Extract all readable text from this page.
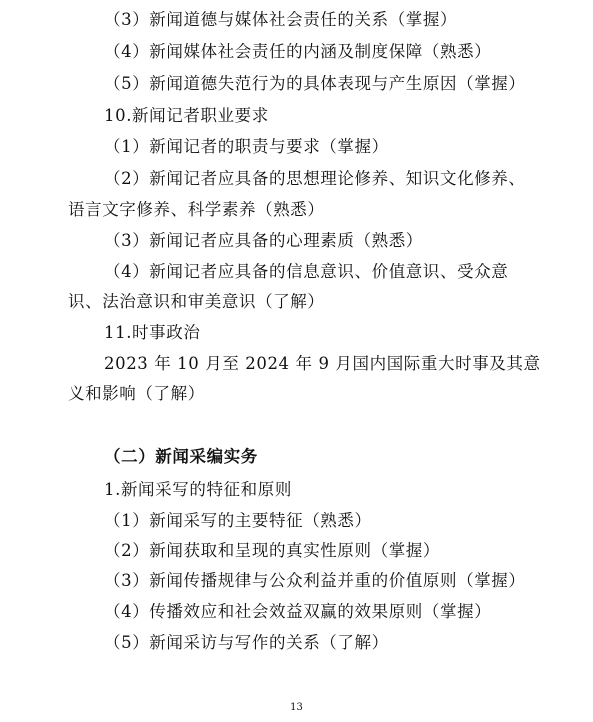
（3）新闻道德与媒体社会责任的关系（掌握）
（4）新闻媒体社会责任的内涵及制度保障（熟悉）
（5）新闻道德失范行为的具体表现与产生原因（掌握）
10.新闻记者职业要求
（1）新闻记者的职责与要求（掌握）
（2）新闻记者应具备的思想理论修养、知识文化修养、
语言文字修养、科学素养（熟悉）
（3）新闻记者应具备的心理素质（熟悉）
（4）新闻记者应具备的信息意识、价值意识、受众意
识、法治意识和审美意识（了解）
11.时事政治
2023 年 10 月至 2024 年 9 月国内国际重大时事及其意
义和影响（了解）
（二）新闻采编实务
1.新闻采写的特征和原则
（1）新闻采写的主要特征（熟悉）
（2）新闻获取和呈现的真实性原则（掌握）
（3）新闻传播规律与公众利益并重的价值原则（掌握）
（4）传播效应和社会效益双赢的效果原则（掌握）
（5）新闻采访与写作的关系（了解）
13
